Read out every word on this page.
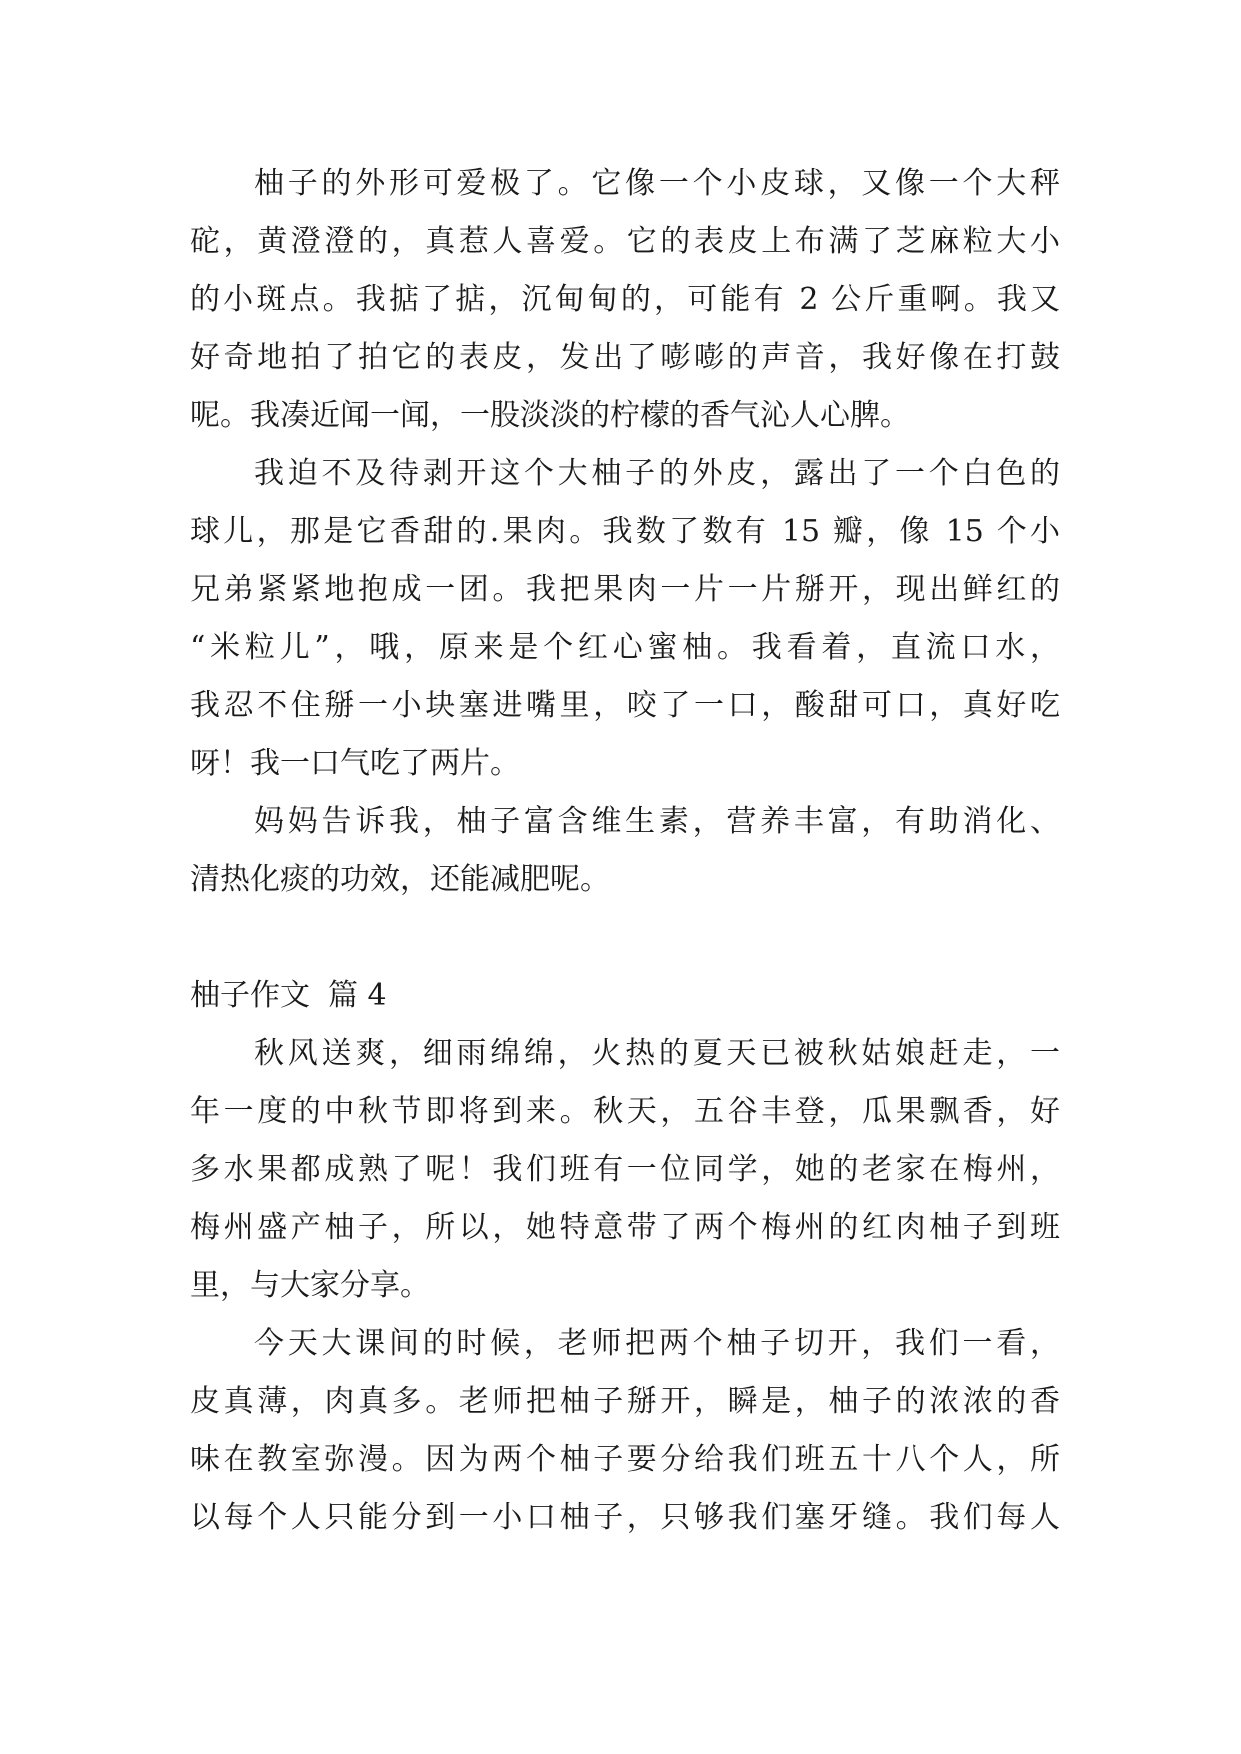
柚子的外形可爱极了。它像一个小皮球，又像一个大秤
砣，黄澄澄的，真惹人喜爱。它的表皮上布满了芝麻粒大小
的小斑点。我掂了掂，沉甸甸的，可能有 2 公斤重啊。我又
好奇地拍了拍它的表皮，发出了嘭嘭的声音，我好像在打鼓
呢。我凑近闻一闻，一股淡淡的柠檬的香气沁人心脾。
我迫不及待剥开这个大柚子的外皮，露出了一个白色的
球儿，那是它香甜的.果肉。我数了数有 15 瓣，像 15 个小
兄弟紧紧地抱成一团。我把果肉一片一片掰开，现出鲜红的
“米粒儿”，哦，原来是个红心蜜柚。我看着，直流口水，
我忍不住掰一小块塞进嘴里，咬了一口，酸甜可口，真好吃
呀！我一口气吃了两片。
妈妈告诉我，柚子富含维生素，营养丰富，有助消化、
清热化痰的功效，还能减肥呢。
柚子作文 篇 4
秋风送爽，细雨绵绵，火热的夏天已被秋姑娘赶走，一
年一度的中秋节即将到来。秋天，五谷丰登，瓜果飘香，好
多水果都成熟了呢！我们班有一位同学，她的老家在梅州，
梅州盛产柚子，所以，她特意带了两个梅州的红肉柚子到班
里，与大家分享。
今天大课间的时候，老师把两个柚子切开，我们一看，
皮真薄，肉真多。老师把柚子掰开，瞬是，柚子的浓浓的香
味在教室弥漫。因为两个柚子要分给我们班五十八个人，所
以每个人只能分到一小口柚子，只够我们塞牙缝。我们每人
